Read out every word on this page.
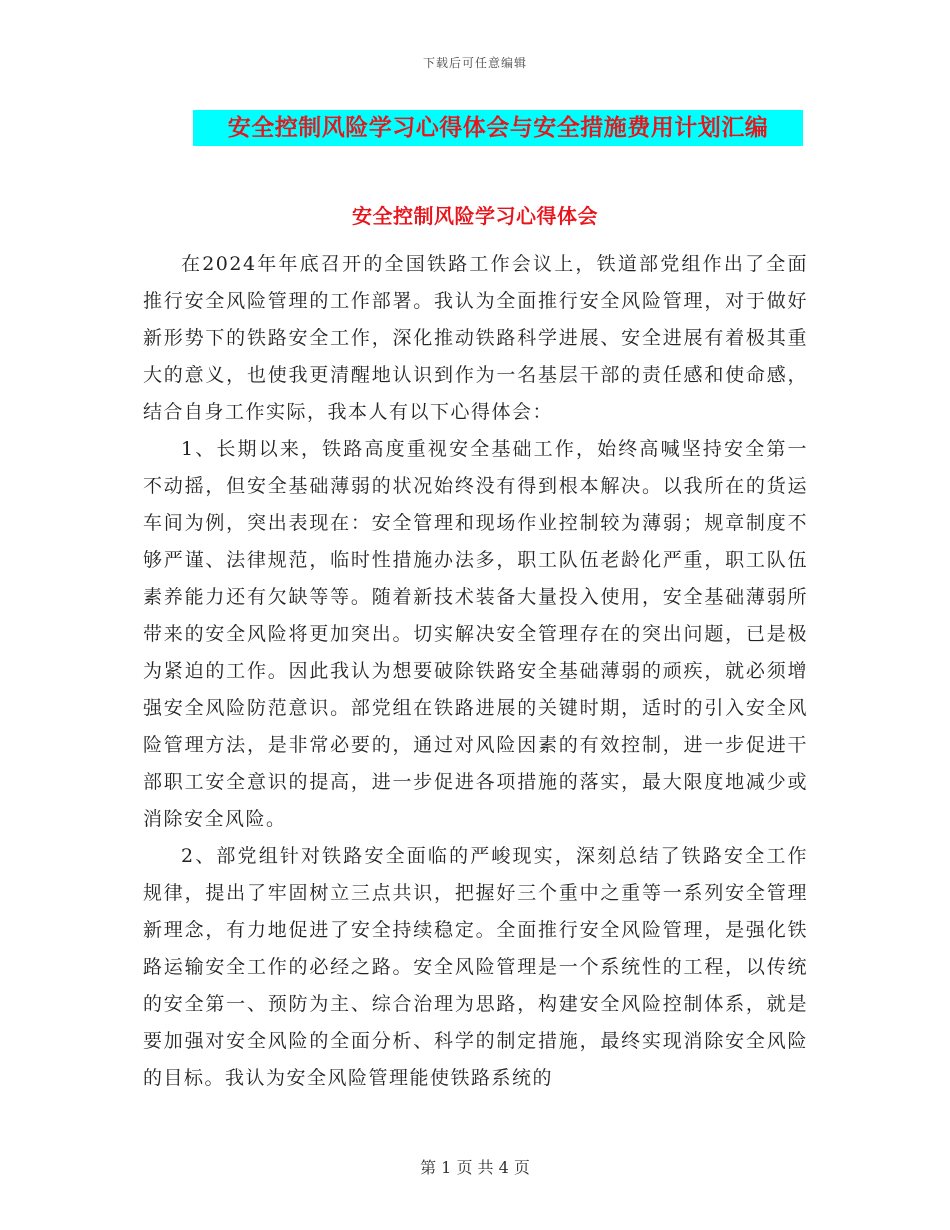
下载后可任意编辑
安全控制风险学习心得体会与安全措施费用计划汇编
安全控制风险学习心得体会

在2024年年底召开的全国铁路工作会议上，铁道部党组作出了全面推行安全风险管理的工作部署。我认为全面推行安全风险管理，对于做好新形势下的铁路安全工作，深化推动铁路科学进展、安全进展有着极其重大的意义，也使我更清醒地认识到作为一名基层干部的责任感和使命感，结合自身工作实际，我本人有以下心得体会：

1、长期以来，铁路高度重视安全基础工作，始终高喊坚持安全第一不动摇，但安全基础薄弱的状况始终没有得到根本解决。以我所在的货运车间为例，突出表现在：安全管理和现场作业控制较为薄弱；规章制度不够严谨、法律规范，临时性措施办法多，职工队伍老龄化严重，职工队伍素养能力还有欠缺等等。随着新技术装备大量投入使用，安全基础薄弱所带来的安全风险将更加突出。切实解决安全管理存在的突出问题，已是极为紧迫的工作。因此我认为想要破除铁路安全基础薄弱的顽疾，就必须增强安全风险防范意识。部党组在铁路进展的关键时期，适时的引入安全风险管理方法，是非常必要的，通过对风险因素的有效控制，进一步促进干部职工安全意识的提高，进一步促进各项措施的落实，最大限度地减少或消除安全风险。

2、部党组针对铁路安全面临的严峻现实，深刻总结了铁路安全工作规律，提出了牢固树立三点共识，把握好三个重中之重等一系列安全管理新理念，有力地促进了安全持续稳定。全面推行安全风险管理，是强化铁路运输安全工作的必经之路。安全风险管理是一个系统性的工程，以传统的安全第一、预防为主、综合治理为思路，构建安全风险控制体系，就是要加强对安全风险的全面分析、科学的制定措施，最终实现消除安全风险的目标。我认为安全风险管理能使铁路系统的

第 1 页 共 4 页
